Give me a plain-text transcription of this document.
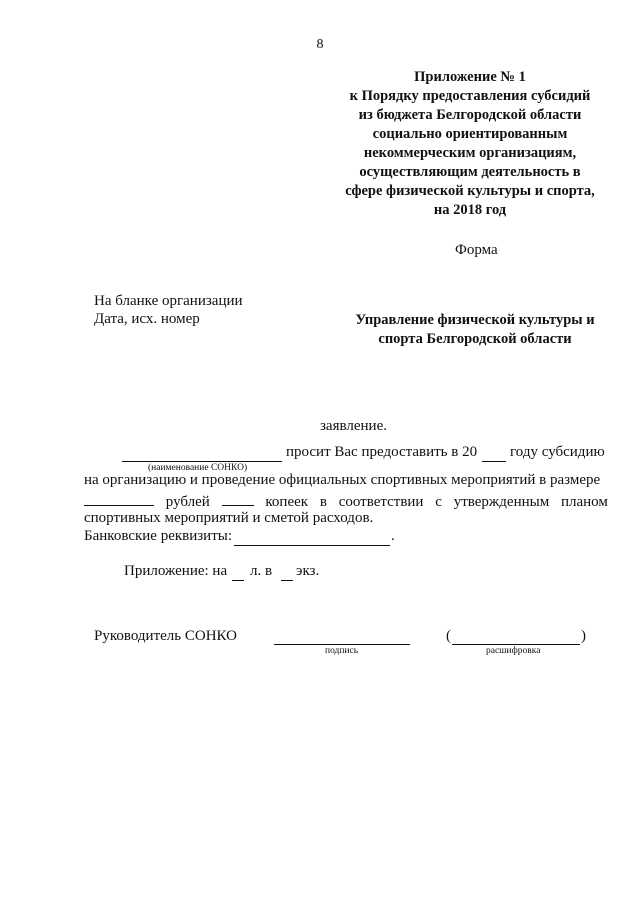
8
Приложение № 1
к Порядку предоставления субсидий
из бюджета Белгородской области
социально ориентированным
некоммерческим организациям,
осуществляющим деятельность в
сфере физической культуры и спорта,
на 2018 год
Форма
На бланке организации
Дата, исх. номер	Управление физической культуры и
спорта Белгородской области
заявление.
просит Вас предоставить в 20 году субсидию
(наименование СОНКО)
на организацию и проведение официальных спортивных мероприятий в размере
рублей	копеек в соответствии с утвержденным планом
спортивных мероприятий и сметой расходов.
Банковские реквизиты:	.
Приложение: на л. в экз.
Руководитель СОНКО
подпись
(	)
расшифровка
